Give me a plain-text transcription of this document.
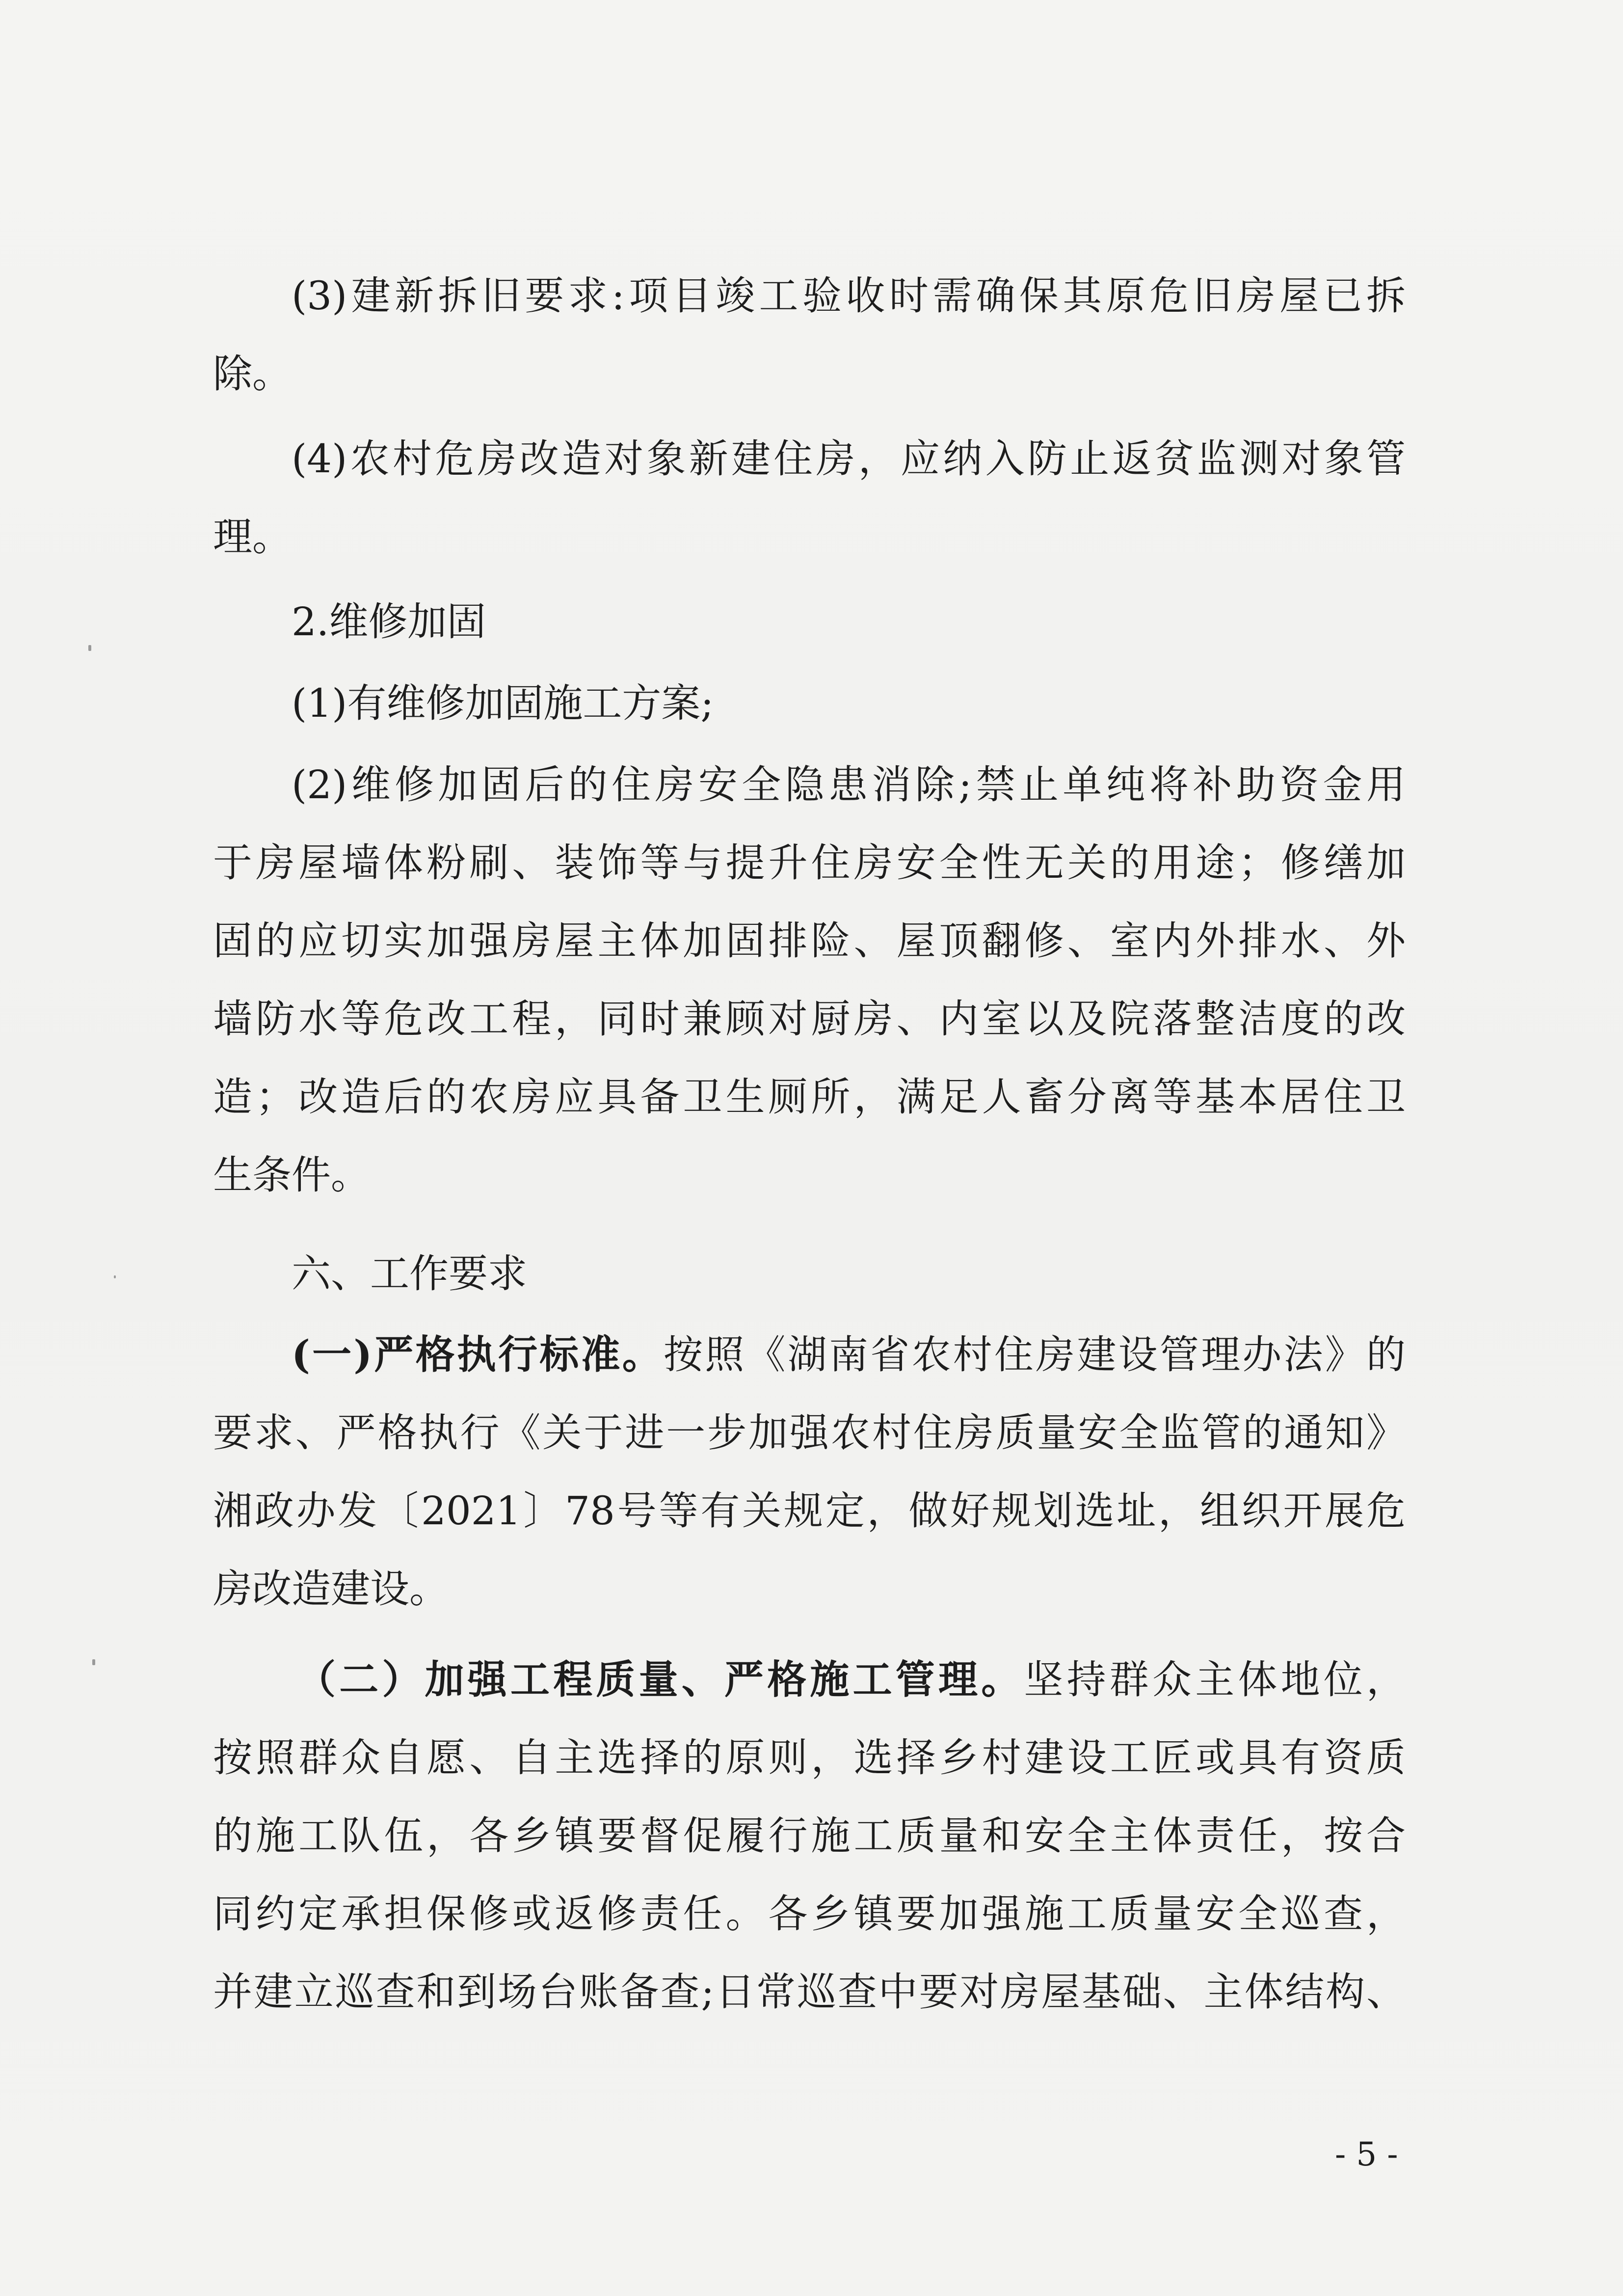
(3)建新拆旧要求:项目竣工验收时需确保其原危旧房屋已拆
除。
(4)农村危房改造对象新建住房，应纳入防止返贫监测对象管
理。
2.维修加固
(1)有维修加固施工方案;
(2)维修加固后的住房安全隐患消除;禁止单纯将补助资金用
于房屋墙体粉刷、装饰等与提升住房安全性无关的用途；修缮加
固的应切实加强房屋主体加固排险、屋顶翻修、室内外排水、外
墙防水等危改工程，同时兼顾对厨房、内室以及院落整洁度的改
造；改造后的农房应具备卫生厕所，满足人畜分离等基本居住卫
生条件。
六、工作要求
(一)严格执行标准。按照《湖南省农村住房建设管理办法》的
要求、严格执行《关于进一步加强农村住房质量安全监管的通知》
湘政办发〔2021〕78号等有关规定，做好规划选址，组织开展危
房改造建设。
（二）加强工程质量、严格施工管理。坚持群众主体地位，
按照群众自愿、自主选择的原则，选择乡村建设工匠或具有资质
的施工队伍，各乡镇要督促履行施工质量和安全主体责任，按合
同约定承担保修或返修责任。各乡镇要加强施工质量安全巡查，
并建立巡查和到场台账备查;日常巡查中要对房屋基础、主体结构、
- 5 -
